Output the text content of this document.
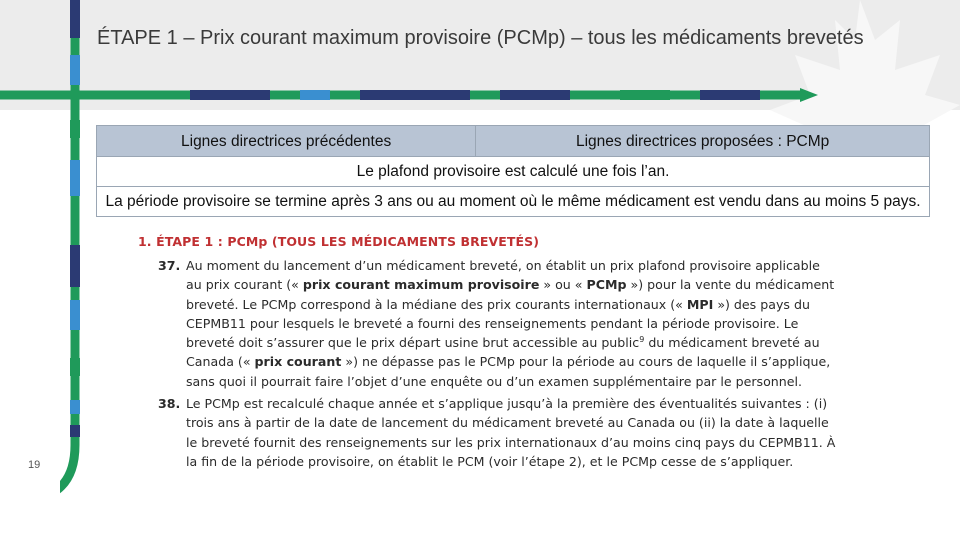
ÉTAPE 1 – Prix courant maximum provisoire (PCMp) – tous les médicaments brevetés
Lignes directrices précédentes	Lignes directrices proposées : PCMp
Le plafond provisoire est calculé une fois l’an.
La période provisoire se termine après 3 ans ou au moment où le même médicament est vendu dans au moins 5 pays.
1. ÉTAPE 1 : PCMp (TOUS LES MÉDICAMENTS BREVETÉS)
37. Au moment du lancement d’un médicament breveté, on établit un prix plafond provisoire applicable au prix courant (« prix courant maximum provisoire » ou « PCMp ») pour la vente du médicament breveté. Le PCMp correspond à la médiane des prix courants internationaux (« MPI ») des pays du CEPMB11 pour lesquels le breveté a fourni des renseignements pendant la période provisoire. Le breveté doit s’assurer que le prix départ usine brut accessible au public$^9$ du médicament breveté au Canada (« prix courant ») ne dépasse pas le PCMp pour la période au cours de laquelle il s’applique, sans quoi il pourrait faire l’objet d’une enquête ou d’un examen supplémentaire par le personnel.
38. Le PCMp est recalculé chaque année et s’applique jusqu’à la première des éventualités suivantes : (i) trois ans à partir de la date de lancement du médicament breveté au Canada ou (ii) la date à laquelle le breveté fournit des renseignements sur les prix internationaux d’au moins cinq pays du CEPMB11. À la fin de la période provisoire, on établit le PCM (voir l’étape 2), et le PCMp cesse de s’appliquer.
19
